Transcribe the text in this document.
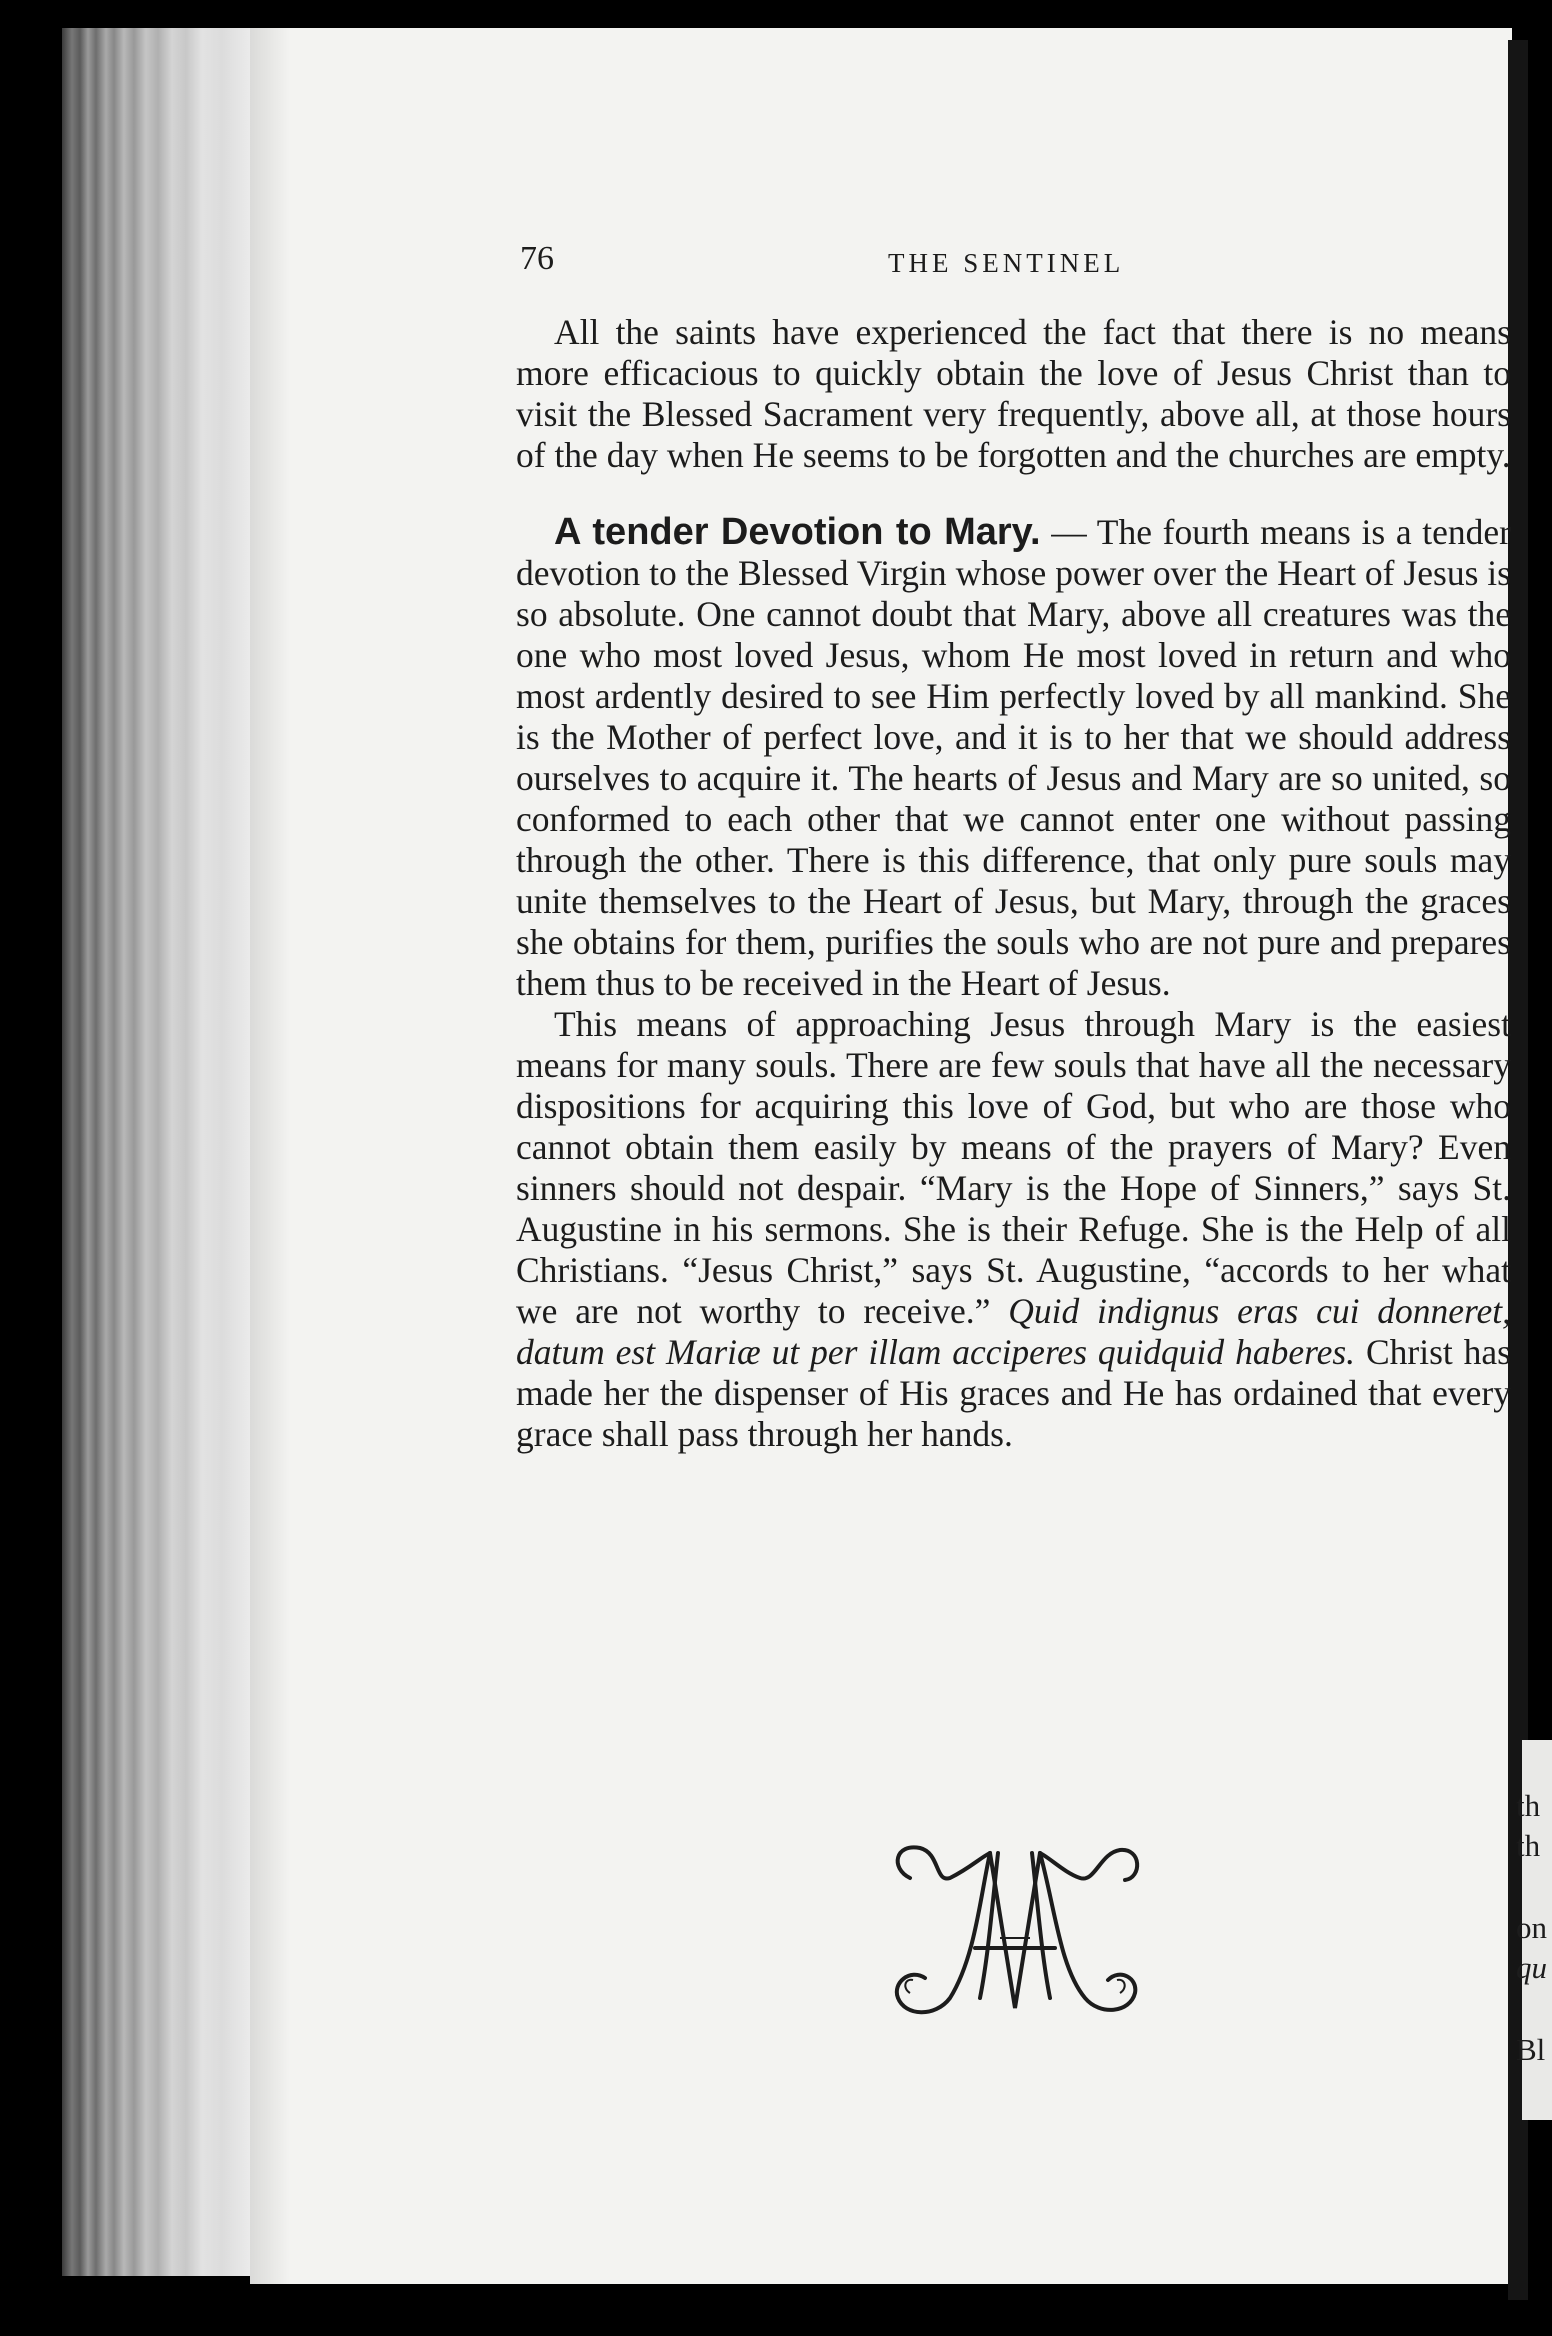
th
th
on
qu
Bl
76	THE SENTINEL

All the saints have experienced the fact that there is no means more efficacious to quickly obtain the love of Jesus Christ than to visit the Blessed Sacrament very frequently, above all, at those hours of the day when He seems to be forgotten and the churches are empty.

A tender Devotion to Mary. — The fourth means is a tender devotion to the Blessed Virgin whose power over the Heart of Jesus is so absolute. One cannot doubt that Mary, above all creatures was the one who most loved Jesus, whom He most loved in return and who most ardently desired to see Him perfectly loved by all mankind. She is the Mother of perfect love, and it is to her that we should address ourselves to acquire it. The hearts of Jesus and Mary are so united, so conformed to each other that we cannot enter one without passing through the other. There is this difference, that only pure souls may unite themselves to the Heart of Jesus, but Mary, through the graces she obtains for them, purifies the souls who are not pure and prepares them thus to be received in the Heart of Jesus.

This means of approaching Jesus through Mary is the easiest means for many souls. There are few souls that have all the necessary dispositions for acquiring this love of God, but who are those who cannot obtain them easily by means of the prayers of Mary? Even sinners should not despair. “Mary is the Hope of Sinners,” says St. Augustine in his sermons. She is their Refuge. She is the Help of all Christians. “Jesus Christ,” says St. Augustine, “accords to her what we are not worthy to receive.” Quid indignus eras cui donneret, datum est Mariæ ut per illam acciperes quidquid haberes. Christ has made her the dispenser of His graces and He has ordained that every grace shall pass through her hands.
